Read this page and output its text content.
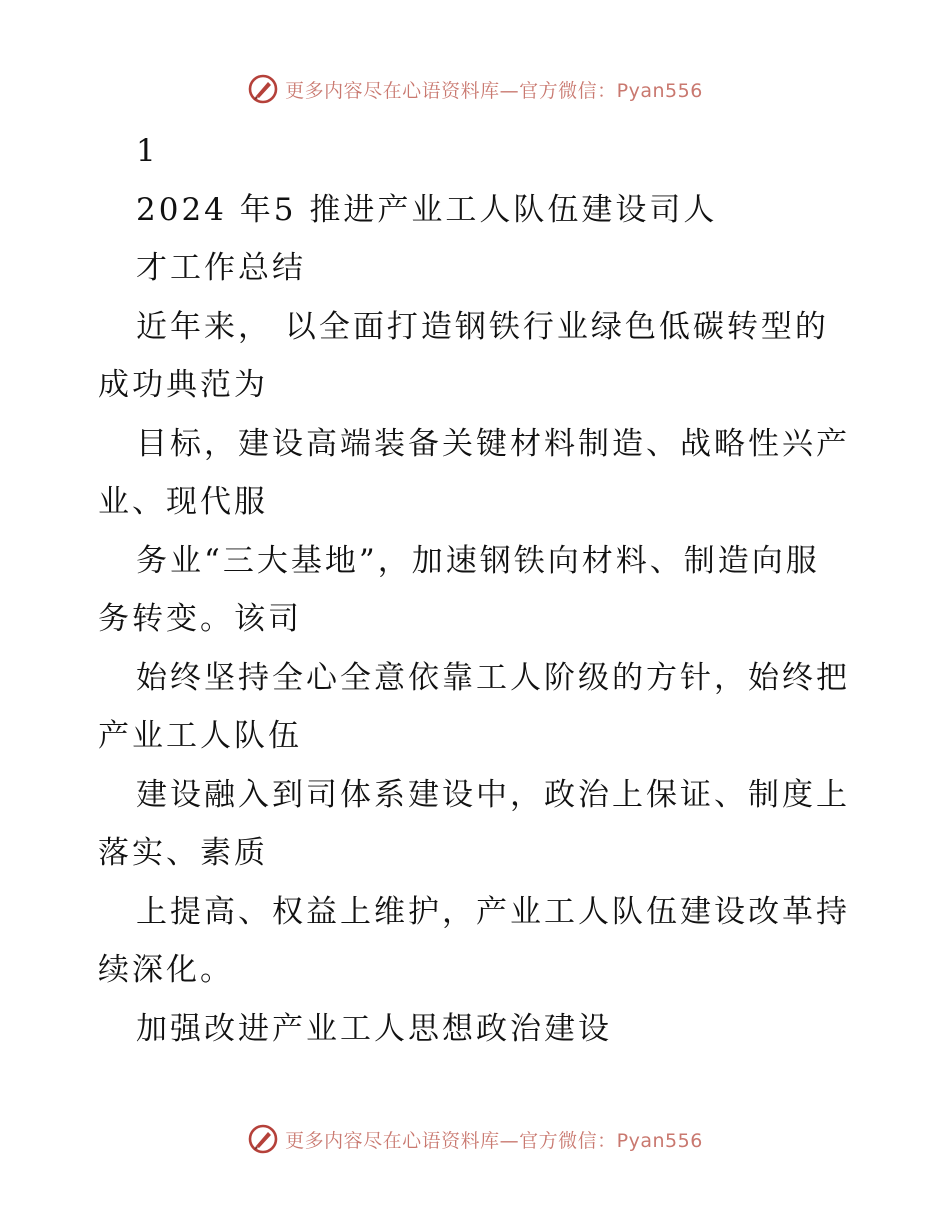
更多内容尽在心语资料库—官方微信：Pyan556
1
2024 年5 推进产业工人队伍建设司人
才工作总结
近年来， 以全面打造钢铁行业绿色低碳转型的
成功典范为
目标，建设高端装备关键材料制造、战略性兴产
业、现代服
务业“三大基地”，加速钢铁向材料、制造向服
务转变。该司
始终坚持全心全意依靠工人阶级的方针，始终把
产业工人队伍
建设融入到司体系建设中，政治上保证、制度上
落实、素质
上提高、权益上维护，产业工人队伍建设改革持
续深化。
加强改进产业工人思想政治建设
更多内容尽在心语资料库—官方微信：Pyan556
